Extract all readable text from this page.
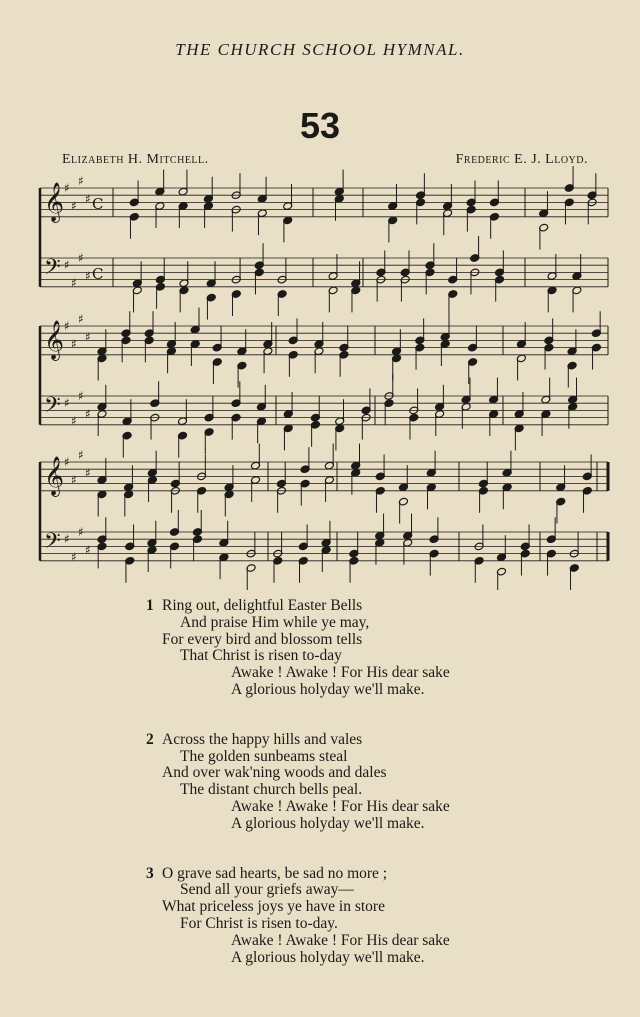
THE CHURCH SCHOOL HYMNAL.
53
Elizabeth H. Mitchell.	Frederic E. J. Lloyd.
𝄞 ♯
♯
♯
♯ C
𝄢 ♯
♯
♯
♯ C
𝄞 ♯
♯
♯
♯
𝄢 ♯
♯
♯
♯
𝄞 ♯
♯
♯
♯
𝄢 ♯
♯
♯
♯
1 Ring out, delightful Easter Bells
And praise Him while ye may,
For every bird and blossom tells
That Christ is risen to-day
Awake ! Awake ! For His dear sake
A glorious holyday we'll make.
2 Across the happy hills and vales
The golden sunbeams steal
And over wak'ning woods and dales
The distant church bells peal.
Awake ! Awake ! For His dear sake
A glorious holyday we'll make.
3 O grave sad hearts, be sad no more ;
Send all your griefs away—
What priceless joys ye have in store
For Christ is risen to-day.
Awake ! Awake ! For His dear sake
A glorious holyday we'll make.
